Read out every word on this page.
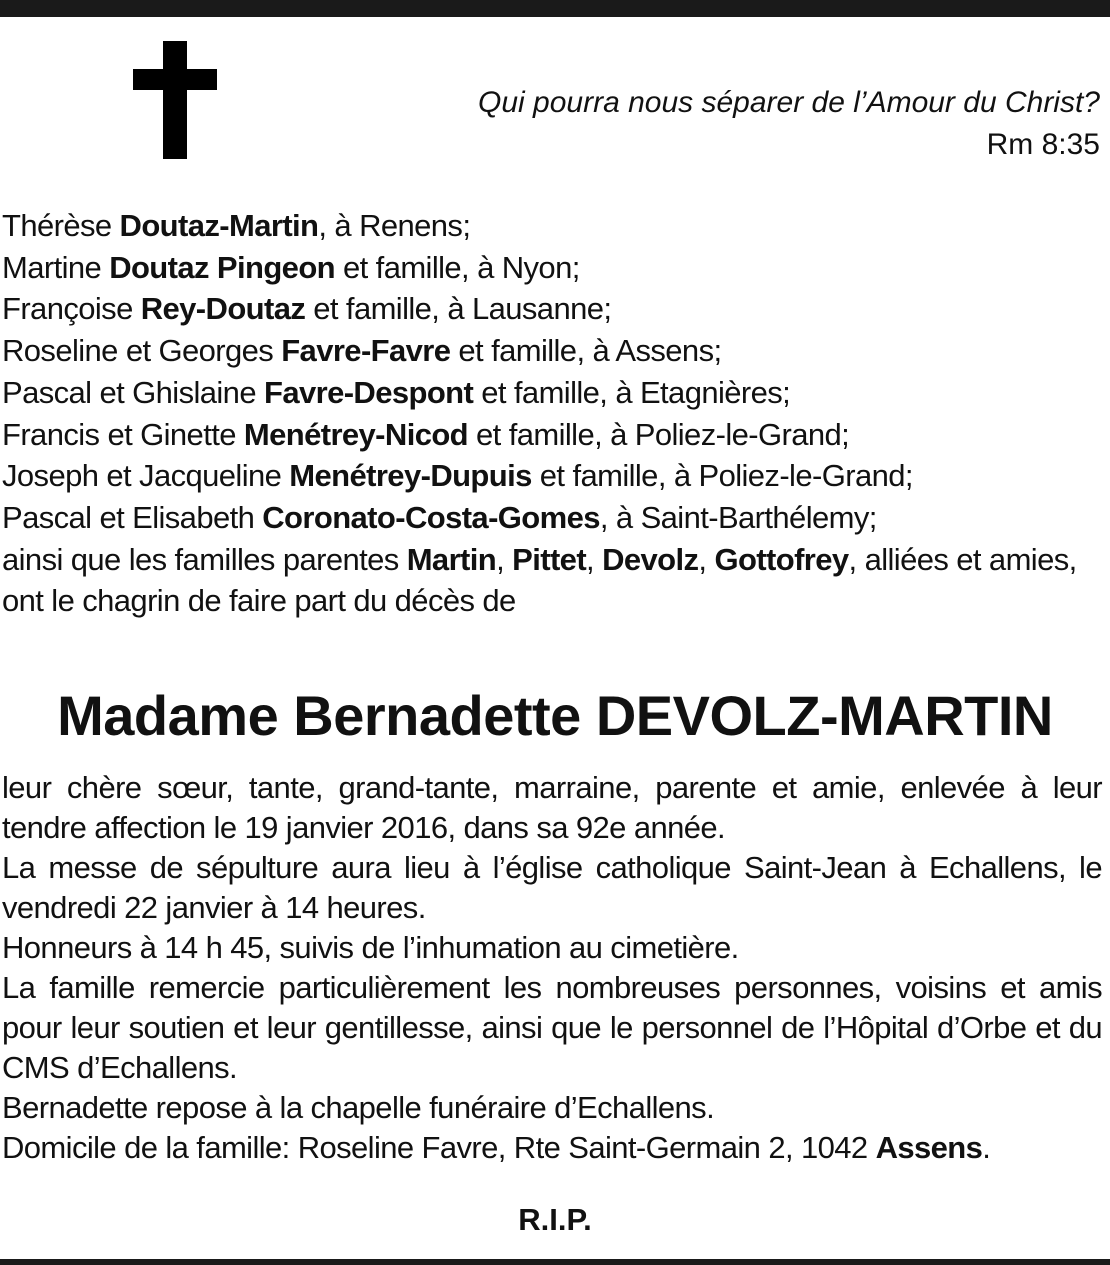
Qui pourra nous séparer de l’Amour du Christ?
Rm 8:35
Thérèse Doutaz-Martin, à Renens;
Martine Doutaz Pingeon et famille, à Nyon;
Françoise Rey-Doutaz et famille, à Lausanne;
Roseline et Georges Favre-Favre et famille, à Assens;
Pascal et Ghislaine Favre-Despont et famille, à Etagnières;
Francis et Ginette Menétrey-Nicod et famille, à Poliez-le-Grand;
Joseph et Jacqueline Menétrey-Dupuis et famille, à Poliez-le-Grand;
Pascal et Elisabeth Coronato-Costa-Gomes, à Saint-Barthélemy;
ainsi que les familles parentes Martin, Pittet, Devolz, Gottofrey, alliées et amies,
ont le chagrin de faire part du décès de
Madame Bernadette DEVOLZ-MARTIN

leur chère sœur, tante, grand-tante, marraine, parente et amie, enlevée à leur tendre affection le 19 janvier 2016, dans sa 92e année.

La messe de sépulture aura lieu à l’église catholique Saint-Jean à Echallens, le vendredi 22 janvier à 14 heures.

Honneurs à 14 h 45, suivis de l’inhumation au cimetière.

La famille remercie particulièrement les nombreuses personnes, voisins et amis pour leur soutien et leur gentillesse, ainsi que le personnel de l’Hôpital d’Orbe et du CMS d’Echallens.

Bernadette repose à la chapelle funéraire d’Echallens.

Domicile de la famille: Roseline Favre, Rte Saint-Germain 2, 1042 Assens.

R.I.P.
